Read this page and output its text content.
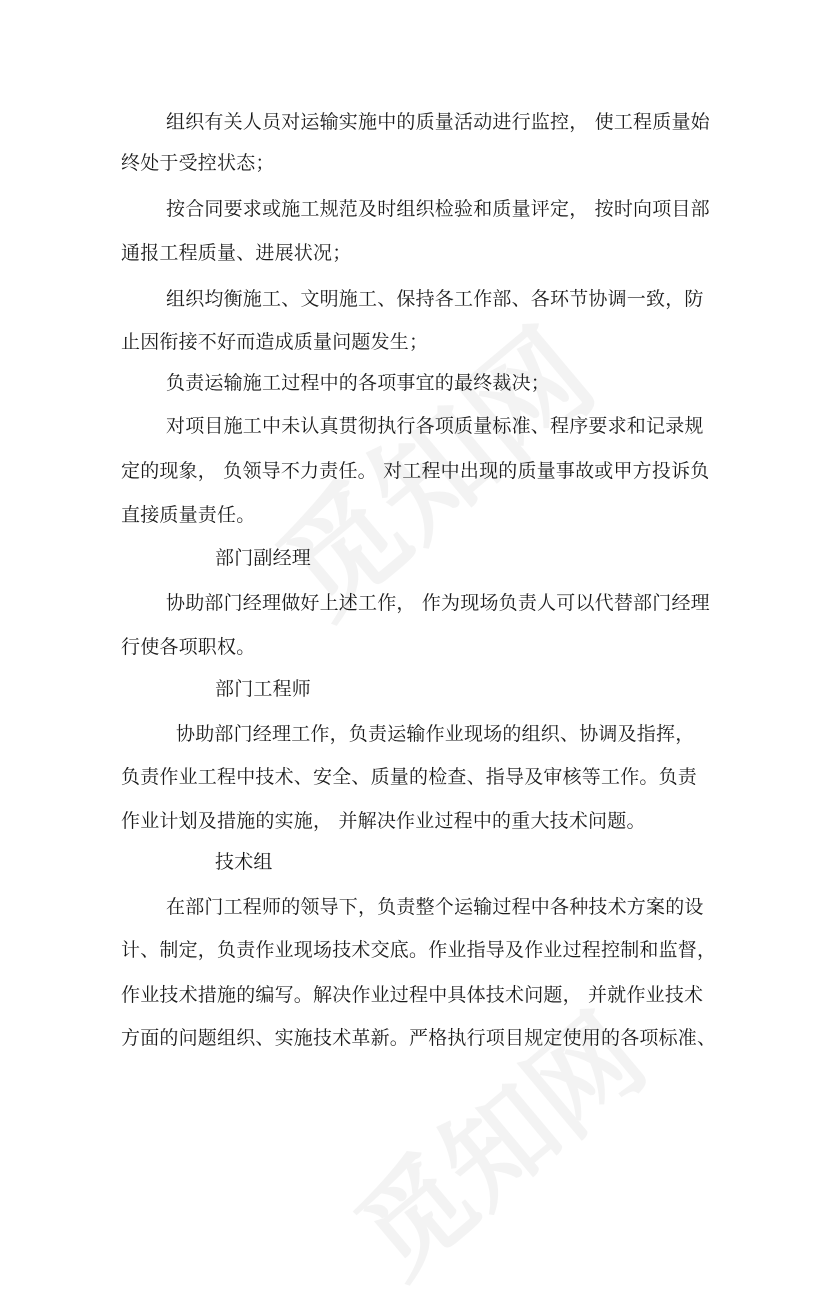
组织有关人员对运输实施中的质量活动进行监控， 使工程质量始
终处于受控状态；
按合同要求或施工规范及时组织检验和质量评定， 按时向项目部
通报工程质量、进展状况；
组织均衡施工、文明施工、保持各工作部、各环节协调一致，防
止因衔接不好而造成质量问题发生；
负责运输施工过程中的各项事宜的最终裁决；
对项目施工中未认真贯彻执行各项质量标准、程序要求和记录规
定的现象， 负领导不力责任。 对工程中出现的质量事故或甲方投诉负
直接质量责任。
部门副经理
协助部门经理做好上述工作， 作为现场负责人可以代替部门经理
行使各项职权。
部门工程师
协助部门经理工作，负责运输作业现场的组织、协调及指挥，
负责作业工程中技术、安全、质量的检查、指导及审核等工作。负责
作业计划及措施的实施， 并解决作业过程中的重大技术问题。
技术组
在部门工程师的领导下，负责整个运输过程中各种技术方案的设
计、制定，负责作业现场技术交底。作业指导及作业过程控制和监督，
作业技术措施的编写。解决作业过程中具体技术问题， 并就作业技术
方面的问题组织、实施技术革新。严格执行项目规定使用的各项标准、
